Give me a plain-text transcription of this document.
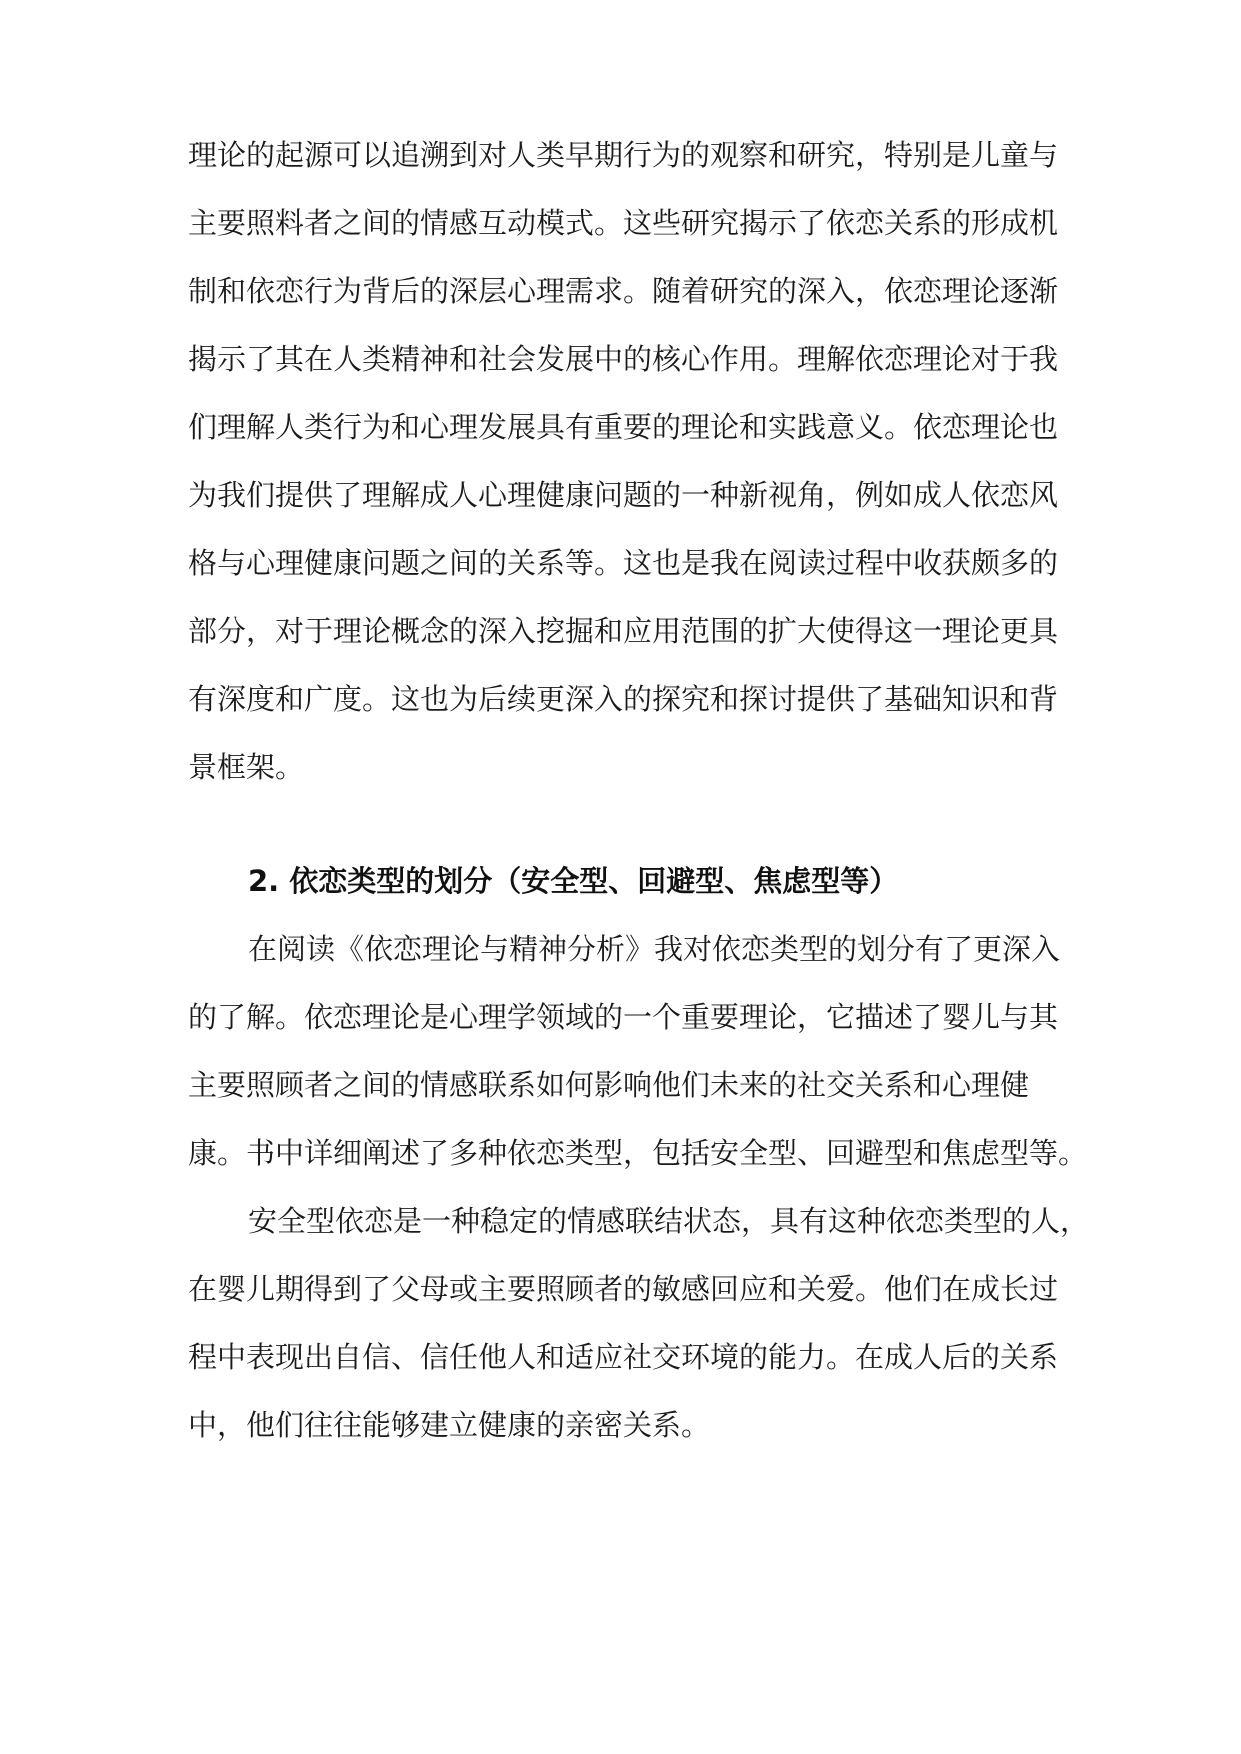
理论的起源可以追溯到对人类早期行为的观察和研究，特别是儿童与
主要照料者之间的情感互动模式。这些研究揭示了依恋关系的形成机
制和依恋行为背后的深层心理需求。随着研究的深入，依恋理论逐渐
揭示了其在人类精神和社会发展中的核心作用。理解依恋理论对于我
们理解人类行为和心理发展具有重要的理论和实践意义。依恋理论也
为我们提供了理解成人心理健康问题的一种新视角，例如成人依恋风
格与心理健康问题之间的关系等。这也是我在阅读过程中收获颇多的
部分，对于理论概念的深入挖掘和应用范围的扩大使得这一理论更具
有深度和广度。这也为后续更深入的探究和探讨提供了基础知识和背
景框架。
2. 依恋类型的划分（安全型、回避型、焦虑型等）
在阅读《依恋理论与精神分析》我对依恋类型的划分有了更深入
的了解。依恋理论是心理学领域的一个重要理论，它描述了婴儿与其
主要照顾者之间的情感联系如何影响他们未来的社交关系和心理健
康。书中详细阐述了多种依恋类型，包括安全型、回避型和焦虑型等。
安全型依恋是一种稳定的情感联结状态，具有这种依恋类型的人，
在婴儿期得到了父母或主要照顾者的敏感回应和关爱。他们在成长过
程中表现出自信、信任他人和适应社交环境的能力。在成人后的关系
中，他们往往能够建立健康的亲密关系。
